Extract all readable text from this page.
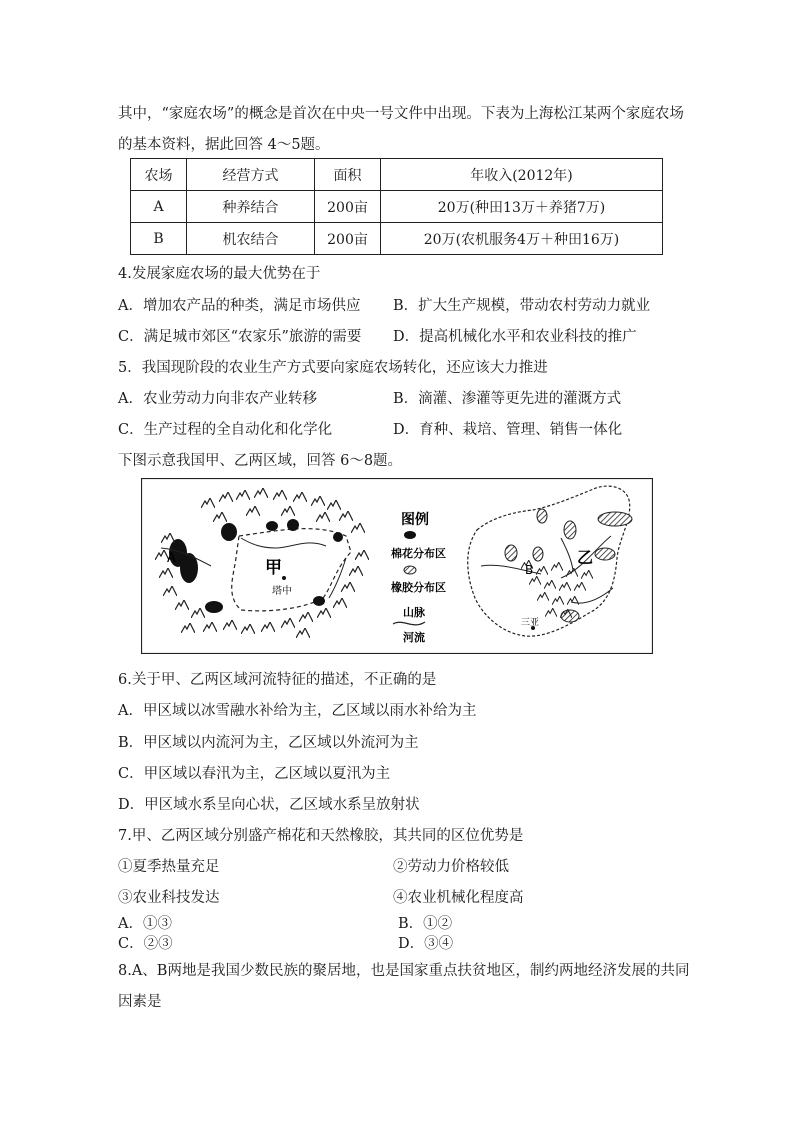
其中，“家庭农场”的概念是首次在中央一号文件中出现。下表为上海松江某两个家庭农场
的基本资料，据此回答 4～5题。
农场	经营方式	面积	年收入(2012年)
A	种养结合	200亩	20万(种田13万＋养猪7万)
B	机农结合	200亩	20万(农机服务4万＋种田16万)
4.发展家庭农场的最大优势在于
A．增加农产品的种类，满足市场供应 B．扩大生产规模，带动农村劳动力就业
C．满足城市郊区“农家乐”旅游的需要 D．提高机械化水平和农业科技的推广
5．我国现阶段的农业生产方式要向家庭农场转化，还应该大力推进
A．农业劳动力向非农产业转移	B．滴灌、渗灌等更先进的灌溉方式
C．生产过程的全自动化和化学化	D．育种、栽培、管理、销售一体化
下图示意我国甲、乙两区域，回答 6～8题。
甲
塔中
A
图例
棉花分布区
橡胶分布区
山脉
河流
乙
B
三亚
6.关于甲、乙两区域河流特征的描述，不正确的是
A．甲区域以冰雪融水补给为主，乙区域以雨水补给为主
B．甲区域以内流河为主，乙区域以外流河为主
C．甲区域以春汛为主，乙区域以夏汛为主
D．甲区域水系呈向心状，乙区域水系呈放射状
7.甲、乙两区域分别盛产棉花和天然橡胶，其共同的区位优势是
①夏季热量充足	②劳动力价格较低
③农业科技发达	④农业机械化程度高
A．①③	B．①②
C．②③	D．③④
8.A、B两地是我国少数民族的聚居地，也是国家重点扶贫地区，制约两地经济发展的共同
因素是
